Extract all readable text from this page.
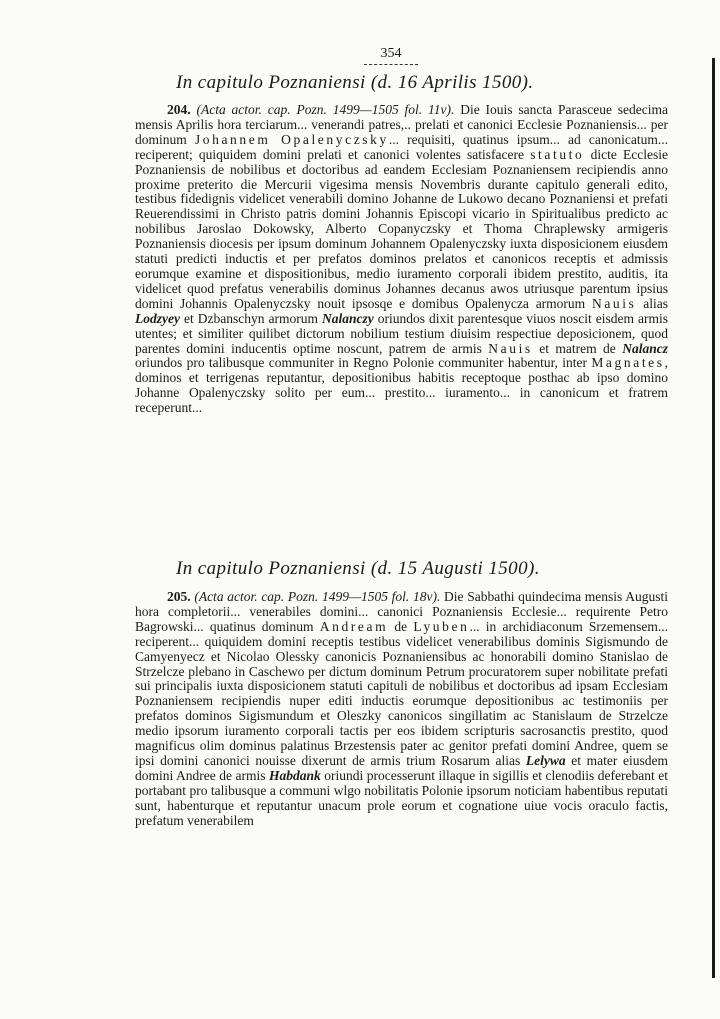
354
In capitulo Poznaniensi (d. 16 Aprilis 1500).
204. (Acta actor. cap. Pozn. 1499—1505 fol. 11v). Die Iouis sancta Parasceue sedecima mensis Aprilis hora terciarum... venerandi patres,.. prelati et canonici Ecclesie Poznaniensis... per dominum Johannem Opalenyczsky... requisiti, quatinus ipsum... ad canonicatum... reciperent; quiquidem domini prelati et canonici volentes satisfacere statuto dicte Ecclesie Poznaniensis de nobilibus et doctoribus ad eandem Ecclesiam Poznaniensem recipiendis anno proxime preterito die Mercurii vigesima mensis Novembris durante capitulo generali edito, testibus fidedignis videlicet venerabili domino Johanne de Lukowo decano Poznaniensi et prefati Reuerendissimi in Christo patris domini Johannis Episcopi vicario in Spiritualibus predicto ac nobilibus Jaroslao Dokowsky, Alberto Copanyczsky et Thoma Chraplewsky armigeris Poznaniensis diocesis per ipsum dominum Johannem Opalenyczsky iuxta disposicionem eiusdem statuti predicti inductis et per prefatos dominos prelatos et canonicos receptis et admissis eorumque examine et dispositionibus, medio iuramento corporali ibidem prestito, auditis, ita videlicet quod prefatus venerabilis dominus Johannes decanus awos utriusque parentum ipsius domini Johannis Opalenyczsky nouit ipsosqe e domibus Opalenycza armorum Nauis alias Lodzyey et Dzbanschyn armorum Nalanczy oriundos dixit parentesque viuos noscit eisdem armis utentes; et similiter quilibet dictorum nobilium testium diuisim respectiue deposicionem, quod parentes domini inducentis optime noscunt, patrem de armis Nauis et matrem de Nalancz oriundos pro talibusque communiter in Regno Polonie communiter habentur, inter Magnates, dominos et terrigenas reputantur, depositionibus habitis receptoque posthac ab ipso domino Johanne Opalenyczsky solito per eum... prestito... iuramento... in canonicum et fratrem receperunt...
In capitulo Poznaniensi (d. 15 Augusti 1500).
205. (Acta actor. cap. Pozn. 1499—1505 fol. 18v). Die Sabbathi quindecima mensis Augusti hora completorii... venerabiles domini... canonici Poznaniensis Ecclesie... requirente Petro Bagrowski... quatinus dominum Andream de Lyuben... in archidiaconum Srzemensem... reciperent... quiquidem domini receptis testibus videlicet venerabilibus dominis Sigismundo de Camyenyecz et Nicolao Olessky canonicis Poznaniensibus ac honorabili domino Stanislao de Strzelcze plebano in Caschewo per dictum dominum Petrum procuratorem super nobilitate prefati sui principalis iuxta disposicionem statuti capituli de nobilibus et doctoribus ad ipsam Ecclesiam Poznaniensem recipiendis nuper editi inductis eorumque depositionibus ac testimoniis per prefatos dominos Sigismundum et Oleszky canonicos singillatim ac Stanislaum de Strzelcze medio ipsorum iuramento corporali tactis per eos ibidem scripturis sacrosanctis prestito, quod magnificus olim dominus palatinus Brzestensis pater ac genitor prefati domini Andree, quem se ipsi domini canonici nouisse dixerunt de armis trium Rosarum alias Lelywa et mater eiusdem domini Andree de armis Habdank oriundi processerunt illaque in sigillis et clenodiis deferebant et portabant pro talibusque a communi wlgo nobilitatis Polonie ipsorum noticiam habentibus reputati sunt, habenturque et reputantur unacum prole eorum et cognatione uiue vocis oraculo factis, prefatum venerabilem
